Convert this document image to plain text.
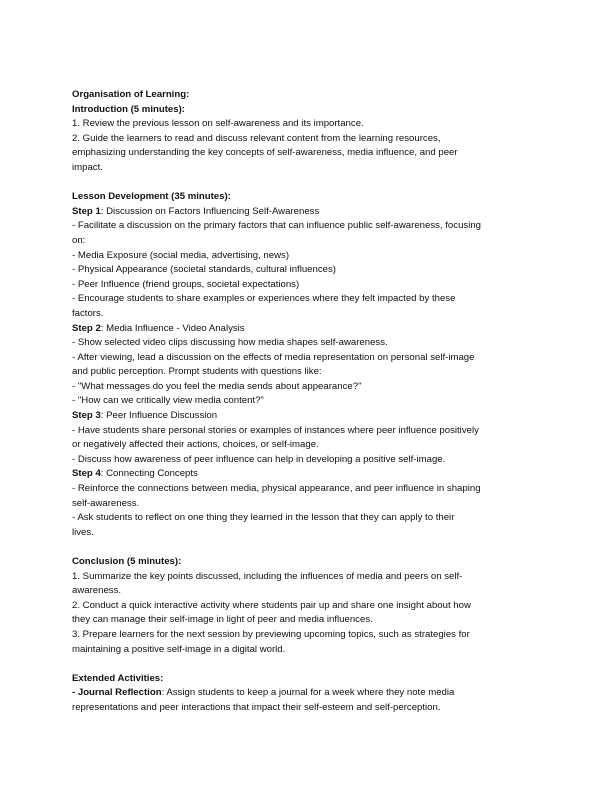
Organisation of Learning:
Introduction (5 minutes):
1. Review the previous lesson on self-awareness and its importance.
2. Guide the learners to read and discuss relevant content from the learning resources,
emphasizing understanding the key concepts of self-awareness, media influence, and peer
impact.
Lesson Development (35 minutes):
Step 1: Discussion on Factors Influencing Self-Awareness
- Facilitate a discussion on the primary factors that can influence public self-awareness, focusing
on:
- Media Exposure (social media, advertising, news)
- Physical Appearance (societal standards, cultural influences)
- Peer Influence (friend groups, societal expectations)
- Encourage students to share examples or experiences where they felt impacted by these
factors.
Step 2: Media Influence - Video Analysis
- Show selected video clips discussing how media shapes self-awareness.
- After viewing, lead a discussion on the effects of media representation on personal self-image
and public perception. Prompt students with questions like:
- "What messages do you feel the media sends about appearance?"
- "How can we critically view media content?"
Step 3: Peer Influence Discussion
- Have students share personal stories or examples of instances where peer influence positively
or negatively affected their actions, choices, or self-image.
- Discuss how awareness of peer influence can help in developing a positive self-image.
Step 4: Connecting Concepts
- Reinforce the connections between media, physical appearance, and peer influence in shaping
self-awareness.
- Ask students to reflect on one thing they learned in the lesson that they can apply to their
lives.
Conclusion (5 minutes):
1. Summarize the key points discussed, including the influences of media and peers on self-
awareness.
2. Conduct a quick interactive activity where students pair up and share one insight about how
they can manage their self-image in light of peer and media influences.
3. Prepare learners for the next session by previewing upcoming topics, such as strategies for
maintaining a positive self-image in a digital world.
Extended Activities:
- Journal Reflection: Assign students to keep a journal for a week where they note media
representations and peer interactions that impact their self-esteem and self-perception.
